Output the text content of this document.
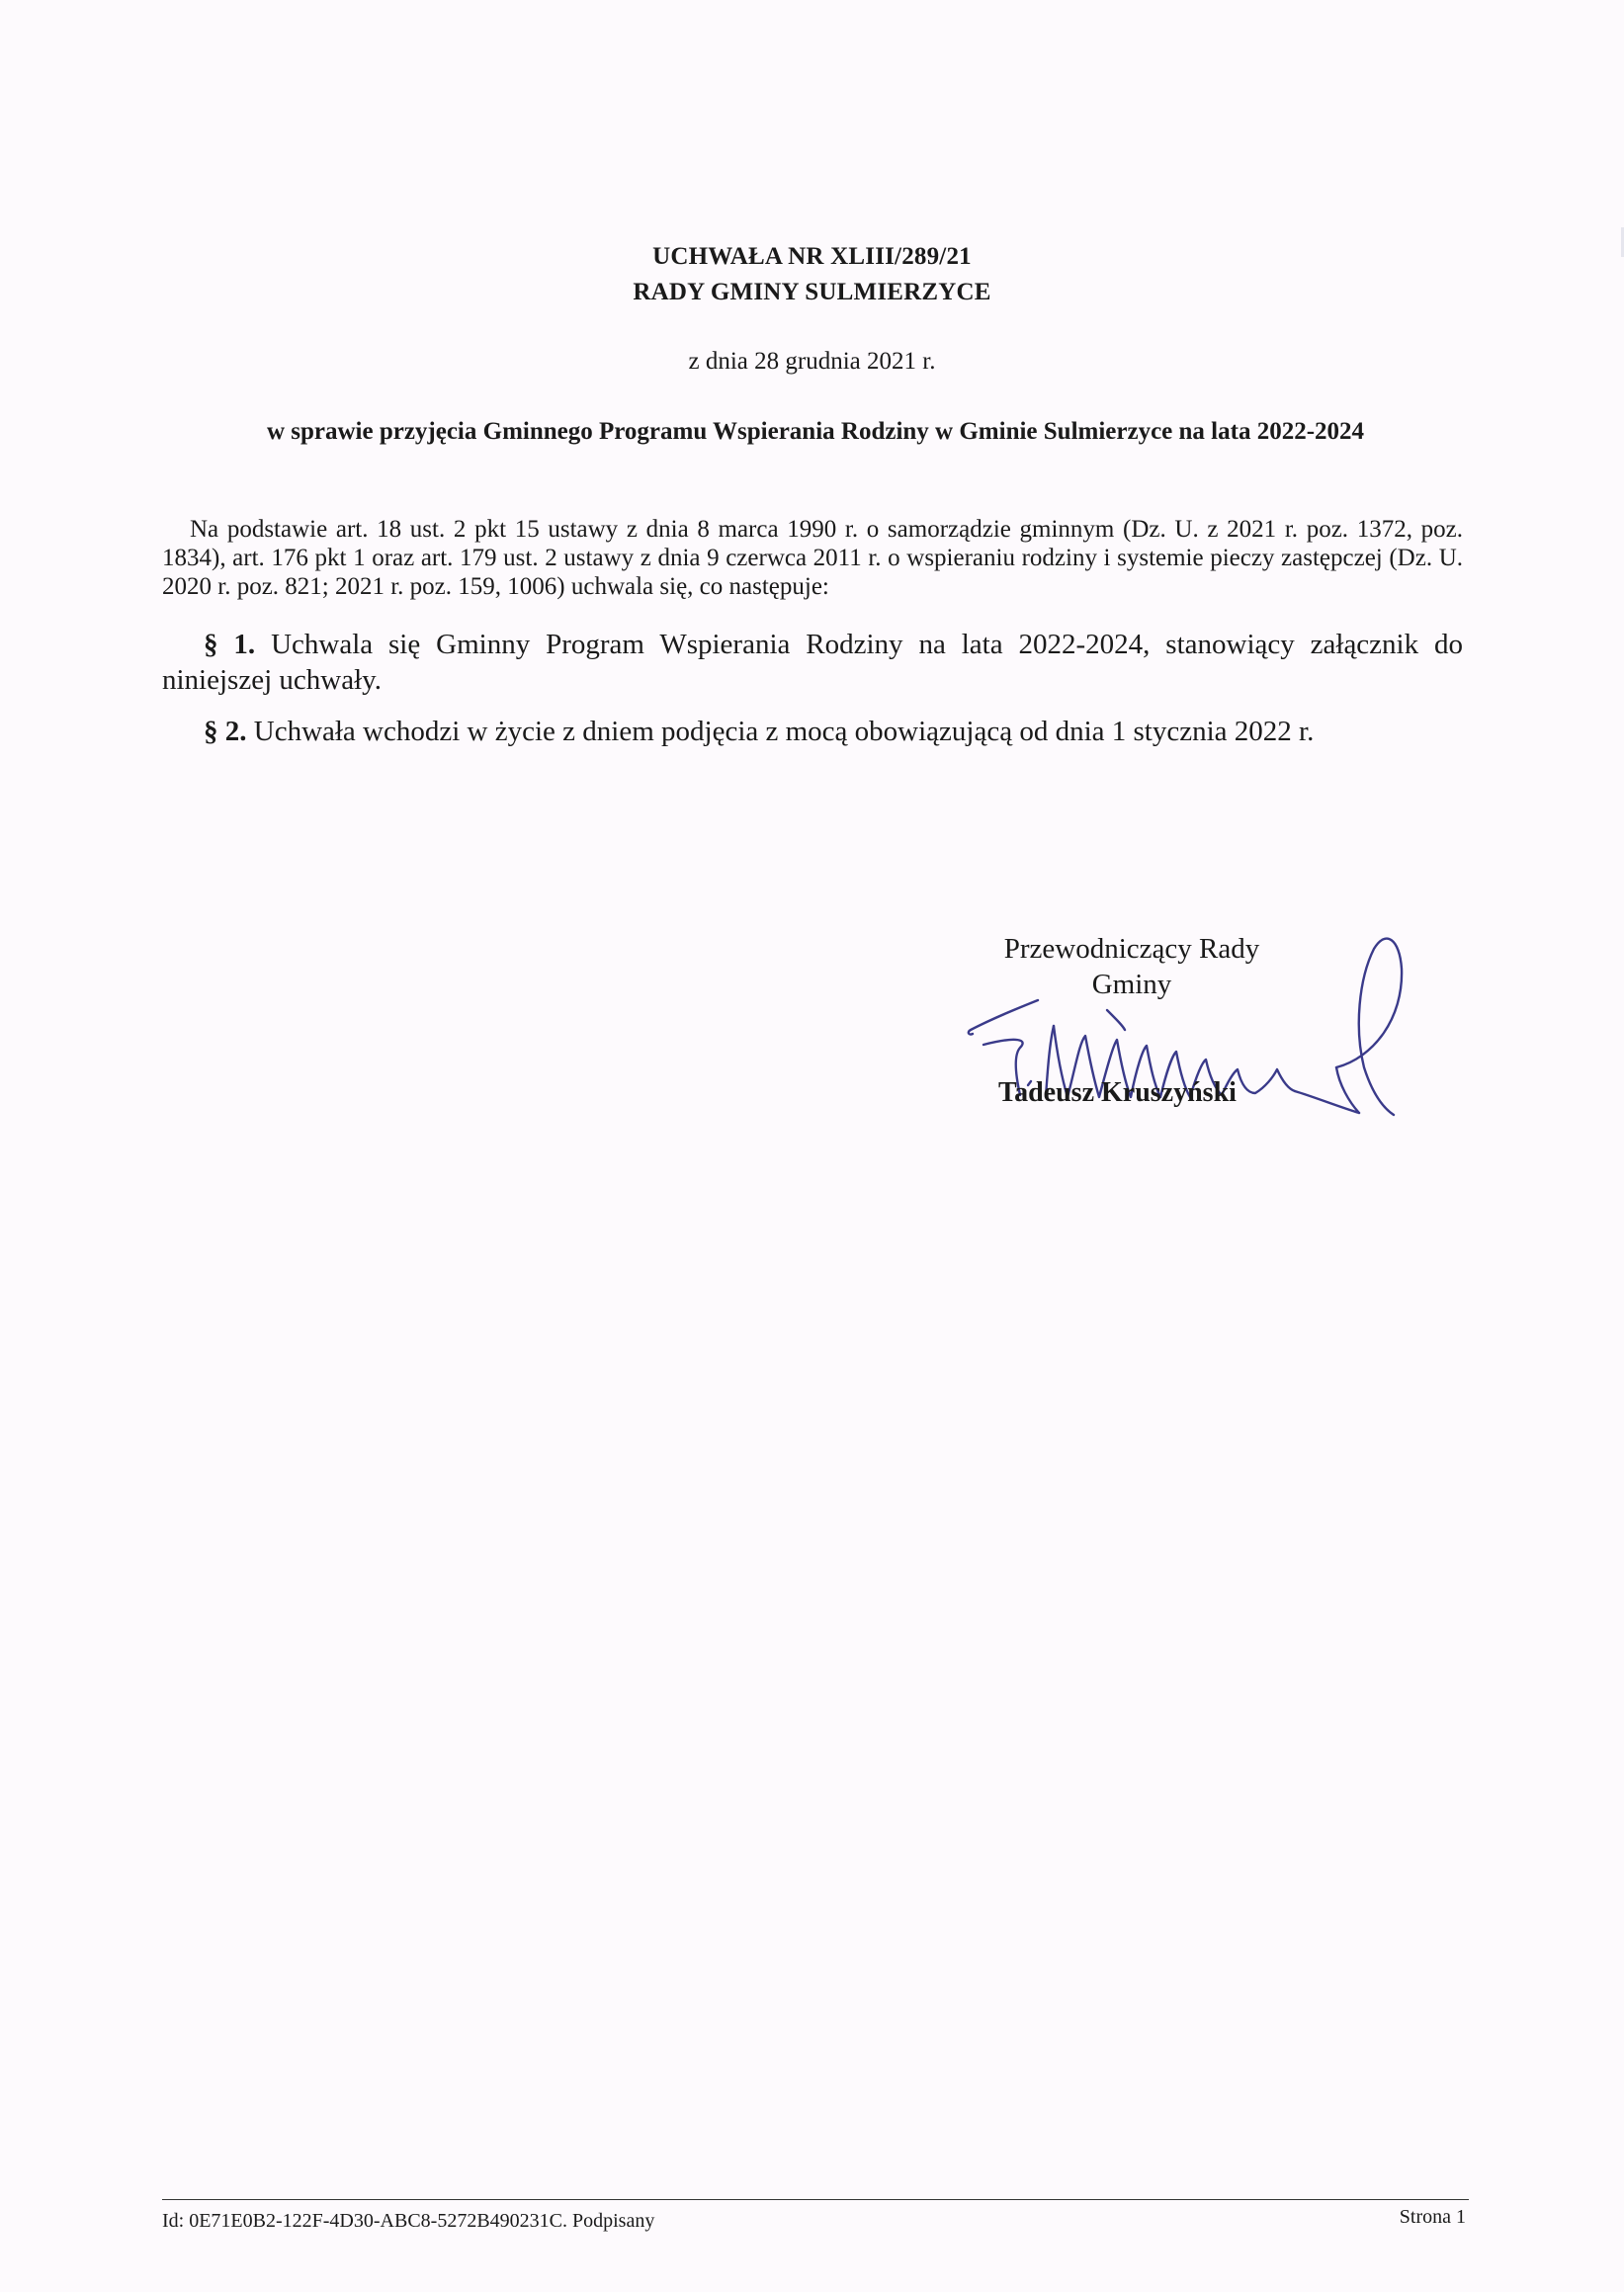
UCHWAŁA NR XLIII/289/21
RADY GMINY SULMIERZYCE
z dnia 28 grudnia 2021 r.
w sprawie przyjęcia Gminnego Programu Wspierania Rodziny w Gminie Sulmierzyce na lata 2022-2024
Na podstawie art. 18 ust. 2 pkt 15 ustawy z dnia 8 marca 1990 r. o samorządzie gminnym (Dz. U. z 2021 r. poz. 1372, poz. 1834), art. 176 pkt 1 oraz art. 179 ust. 2 ustawy z dnia 9 czerwca 2011 r. o wspieraniu rodziny i systemie pieczy zastępczej (Dz. U. 2020 r. poz. 821; 2021 r. poz. 159, 1006) uchwala się, co następuje:
§ 1. Uchwala się Gminny Program Wspierania Rodziny na lata 2022-2024, stanowiący załącznik do niniejszej uchwały.
§ 2. Uchwała wchodzi w życie z dniem podjęcia z mocą obowiązującą od dnia 1 stycznia 2022 r.
Przewodniczący Rady Gminy
Tadeusz Kruszyński
Id: 0E71E0B2-122F-4D30-ABC8-5272B490231C. Podpisany	Strona 1
